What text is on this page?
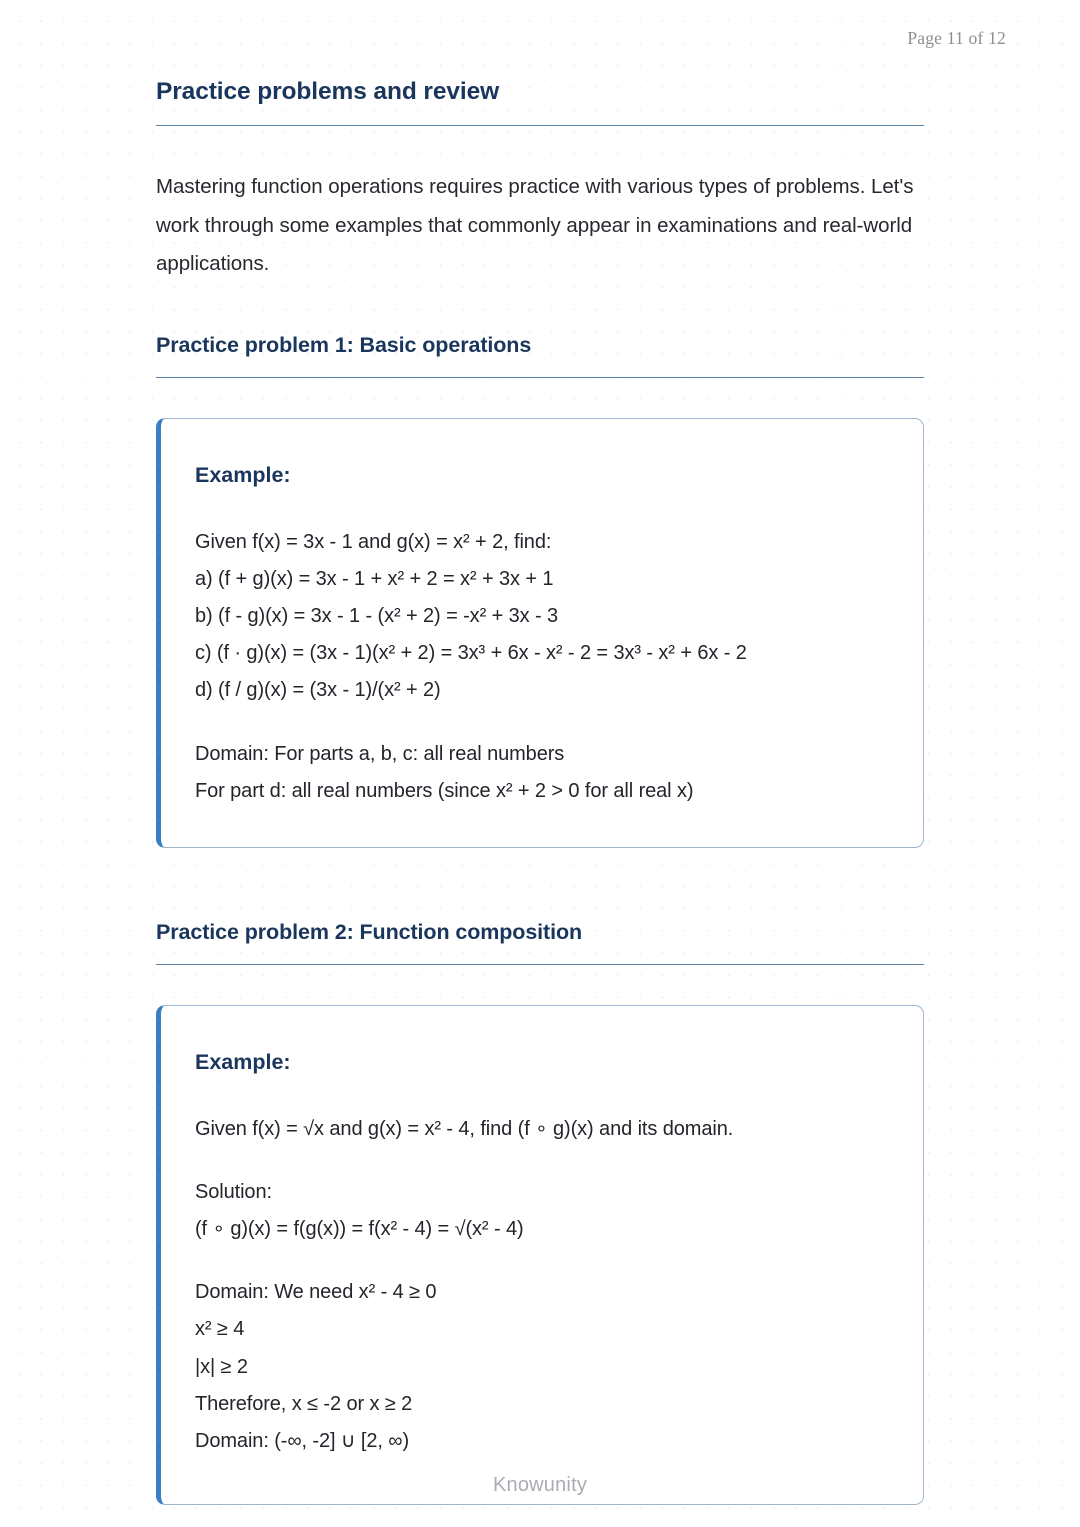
Page 11 of 12
Practice problems and review

Mastering function operations requires practice with various types of problems. Let's work through some examples that commonly appear in examinations and real-world applications.

Practice problem 1: Basic operations
Example:
Given f(x) = 3x - 1 and g(x) = x² + 2, find:
a) (f + g)(x) = 3x - 1 + x² + 2 = x² + 3x + 1
b) (f - g)(x) = 3x - 1 - (x² + 2) = -x² + 3x - 3
c) (f · g)(x) = (3x - 1)(x² + 2) = 3x³ + 6x - x² - 2 = 3x³ - x² + 6x - 2
d) (f / g)(x) = (3x - 1)/(x² + 2)
Domain: For parts a, b, c: all real numbers
For part d: all real numbers (since x² + 2 > 0 for all real x)
Practice problem 2: Function composition
Example:
Given f(x) = √x and g(x) = x² - 4, find (f ∘ g)(x) and its domain.
Solution:
(f ∘ g)(x) = f(g(x)) = f(x² - 4) = √(x² - 4)
Domain: We need x² - 4 ≥ 0
x² ≥ 4
|x| ≥ 2
Therefore, x ≤ -2 or x ≥ 2
Domain: (-∞, -2] ∪ [2, ∞)
Knowunity
